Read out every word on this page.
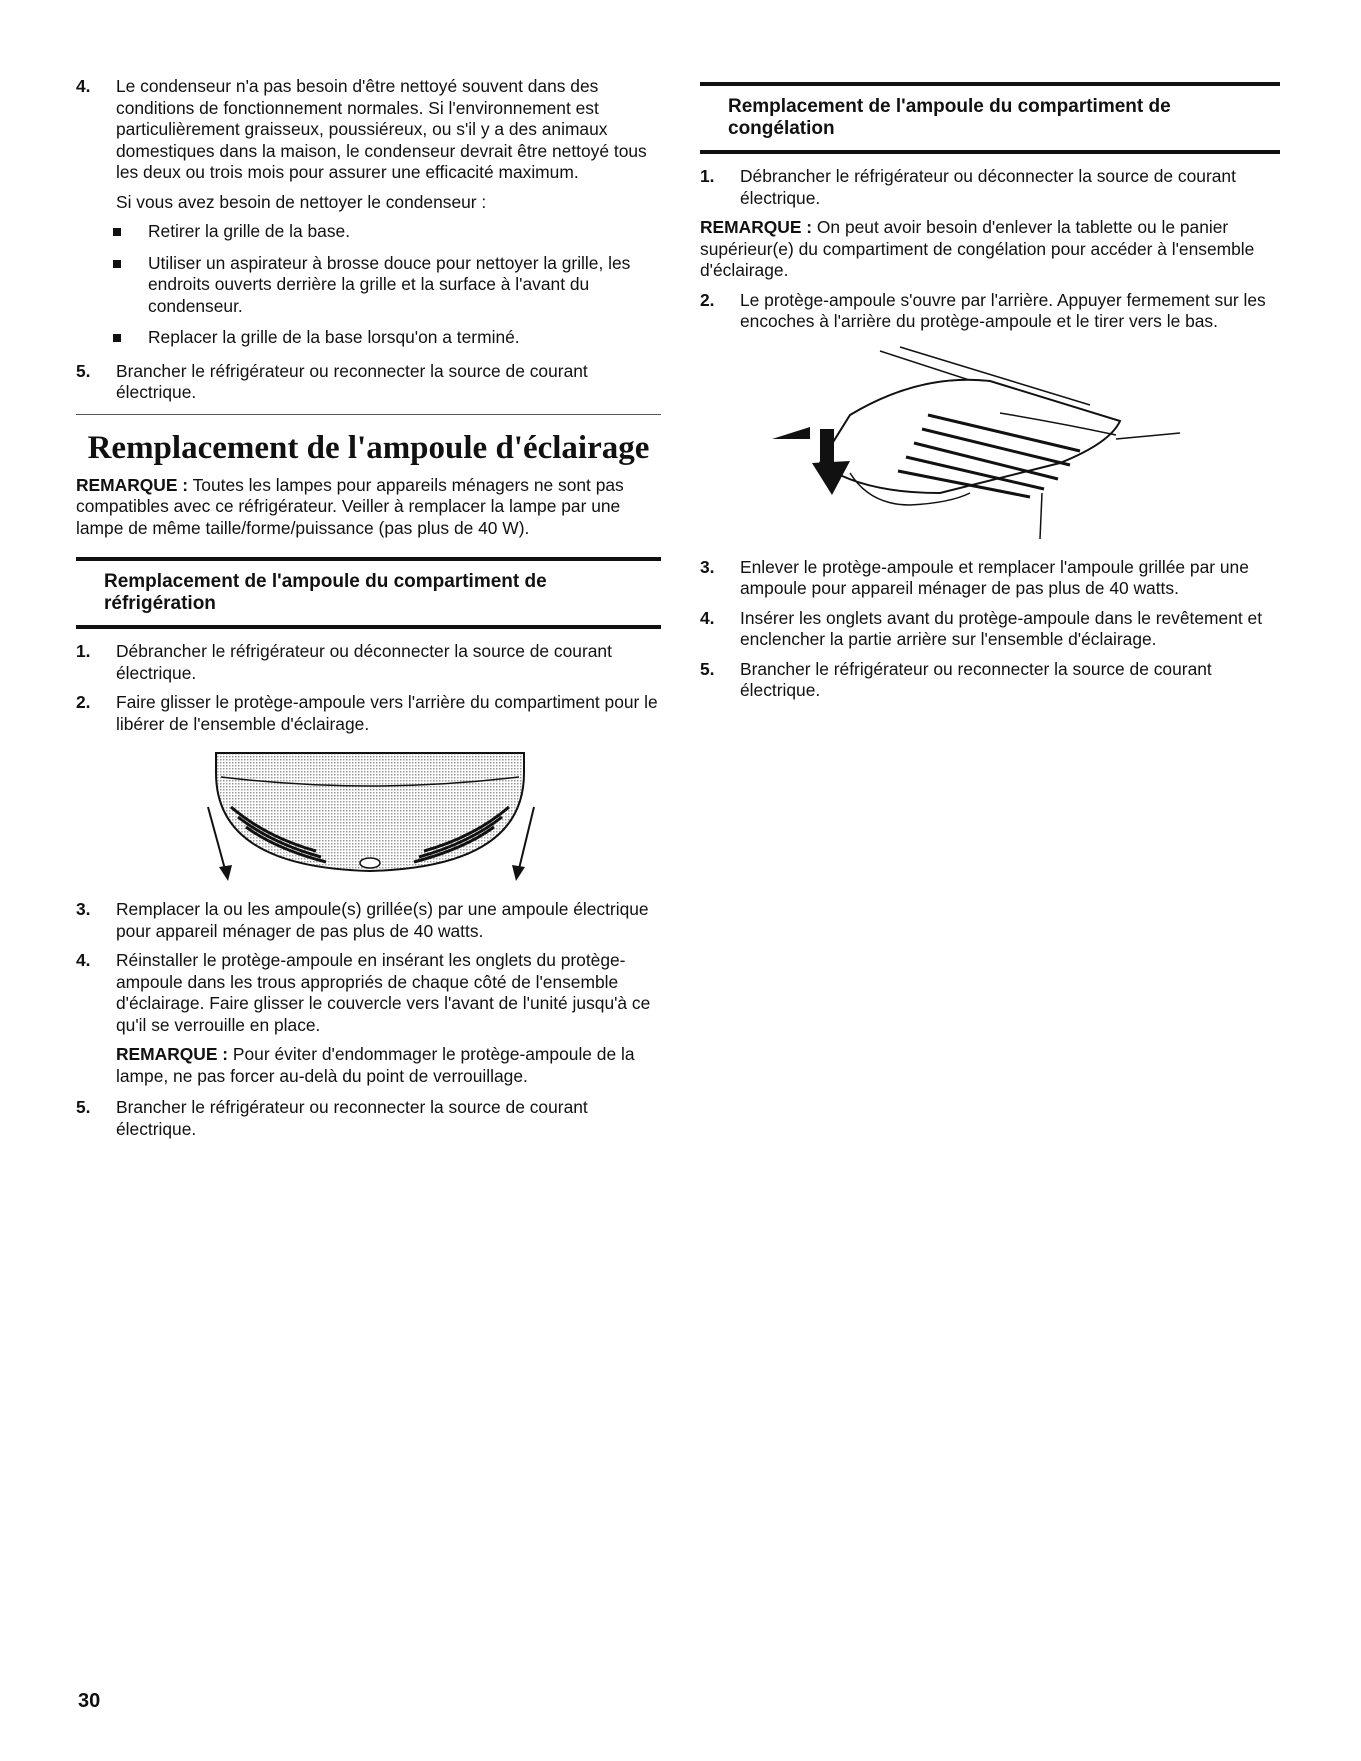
4. Le condenseur n'a pas besoin d'être nettoyé souvent dans des conditions de fonctionnement normales. Si l'environnement est particulièrement graisseux, poussiéreux, ou s'il y a des animaux domestiques dans la maison, le condenseur devrait être nettoyé tous les deux ou trois mois pour assurer une efficacité maximum.

Si vous avez besoin de nettoyer le condenseur :

Retirer la grille de la base.

Utiliser un aspirateur à brosse douce pour nettoyer la grille, les endroits ouverts derrière la grille et la surface à l'avant du condenseur.

Replacer la grille de la base lorsqu'on a terminé.

5. Brancher le réfrigérateur ou reconnecter la source de courant électrique.

Remplacement de l'ampoule d'éclairage

REMARQUE : Toutes les lampes pour appareils ménagers ne sont pas compatibles avec ce réfrigérateur. Veiller à remplacer la lampe par une lampe de même taille/forme/puissance (pas plus de 40 W).

Remplacement de l'ampoule du compartiment de réfrigération
1. Débrancher le réfrigérateur ou déconnecter la source de courant électrique.

2. Faire glisser le protège-ampoule vers l'arrière du compartiment pour le libérer de l'ensemble d'éclairage.

3. Remplacer la ou les ampoule(s) grillée(s) par une ampoule électrique pour appareil ménager de pas plus de 40 watts.

4. Réinstaller le protège-ampoule en insérant les onglets du protège-ampoule dans les trous appropriés de chaque côté de l'ensemble d'éclairage. Faire glisser le couvercle vers l'avant de l'unité jusqu'à ce qu'il se verrouille en place.

REMARQUE : Pour éviter d'endommager le protège-ampoule de la lampe, ne pas forcer au-delà du point de verrouillage.

5. Brancher le réfrigérateur ou reconnecter la source de courant électrique.

Remplacement de l'ampoule du compartiment de congélation
1. Débrancher le réfrigérateur ou déconnecter la source de courant électrique.

REMARQUE : On peut avoir besoin d'enlever la tablette ou le panier supérieur(e) du compartiment de congélation pour accéder à l'ensemble d'éclairage.

2. Le protège-ampoule s'ouvre par l'arrière. Appuyer fermement sur les encoches à l'arrière du protège-ampoule et le tirer vers le bas.

3. Enlever le protège-ampoule et remplacer l'ampoule grillée par une ampoule pour appareil ménager de pas plus de 40 watts.

4. Insérer les onglets avant du protège-ampoule dans le revêtement et enclencher la partie arrière sur l'ensemble d'éclairage.

5. Brancher le réfrigérateur ou reconnecter la source de courant électrique.

30
